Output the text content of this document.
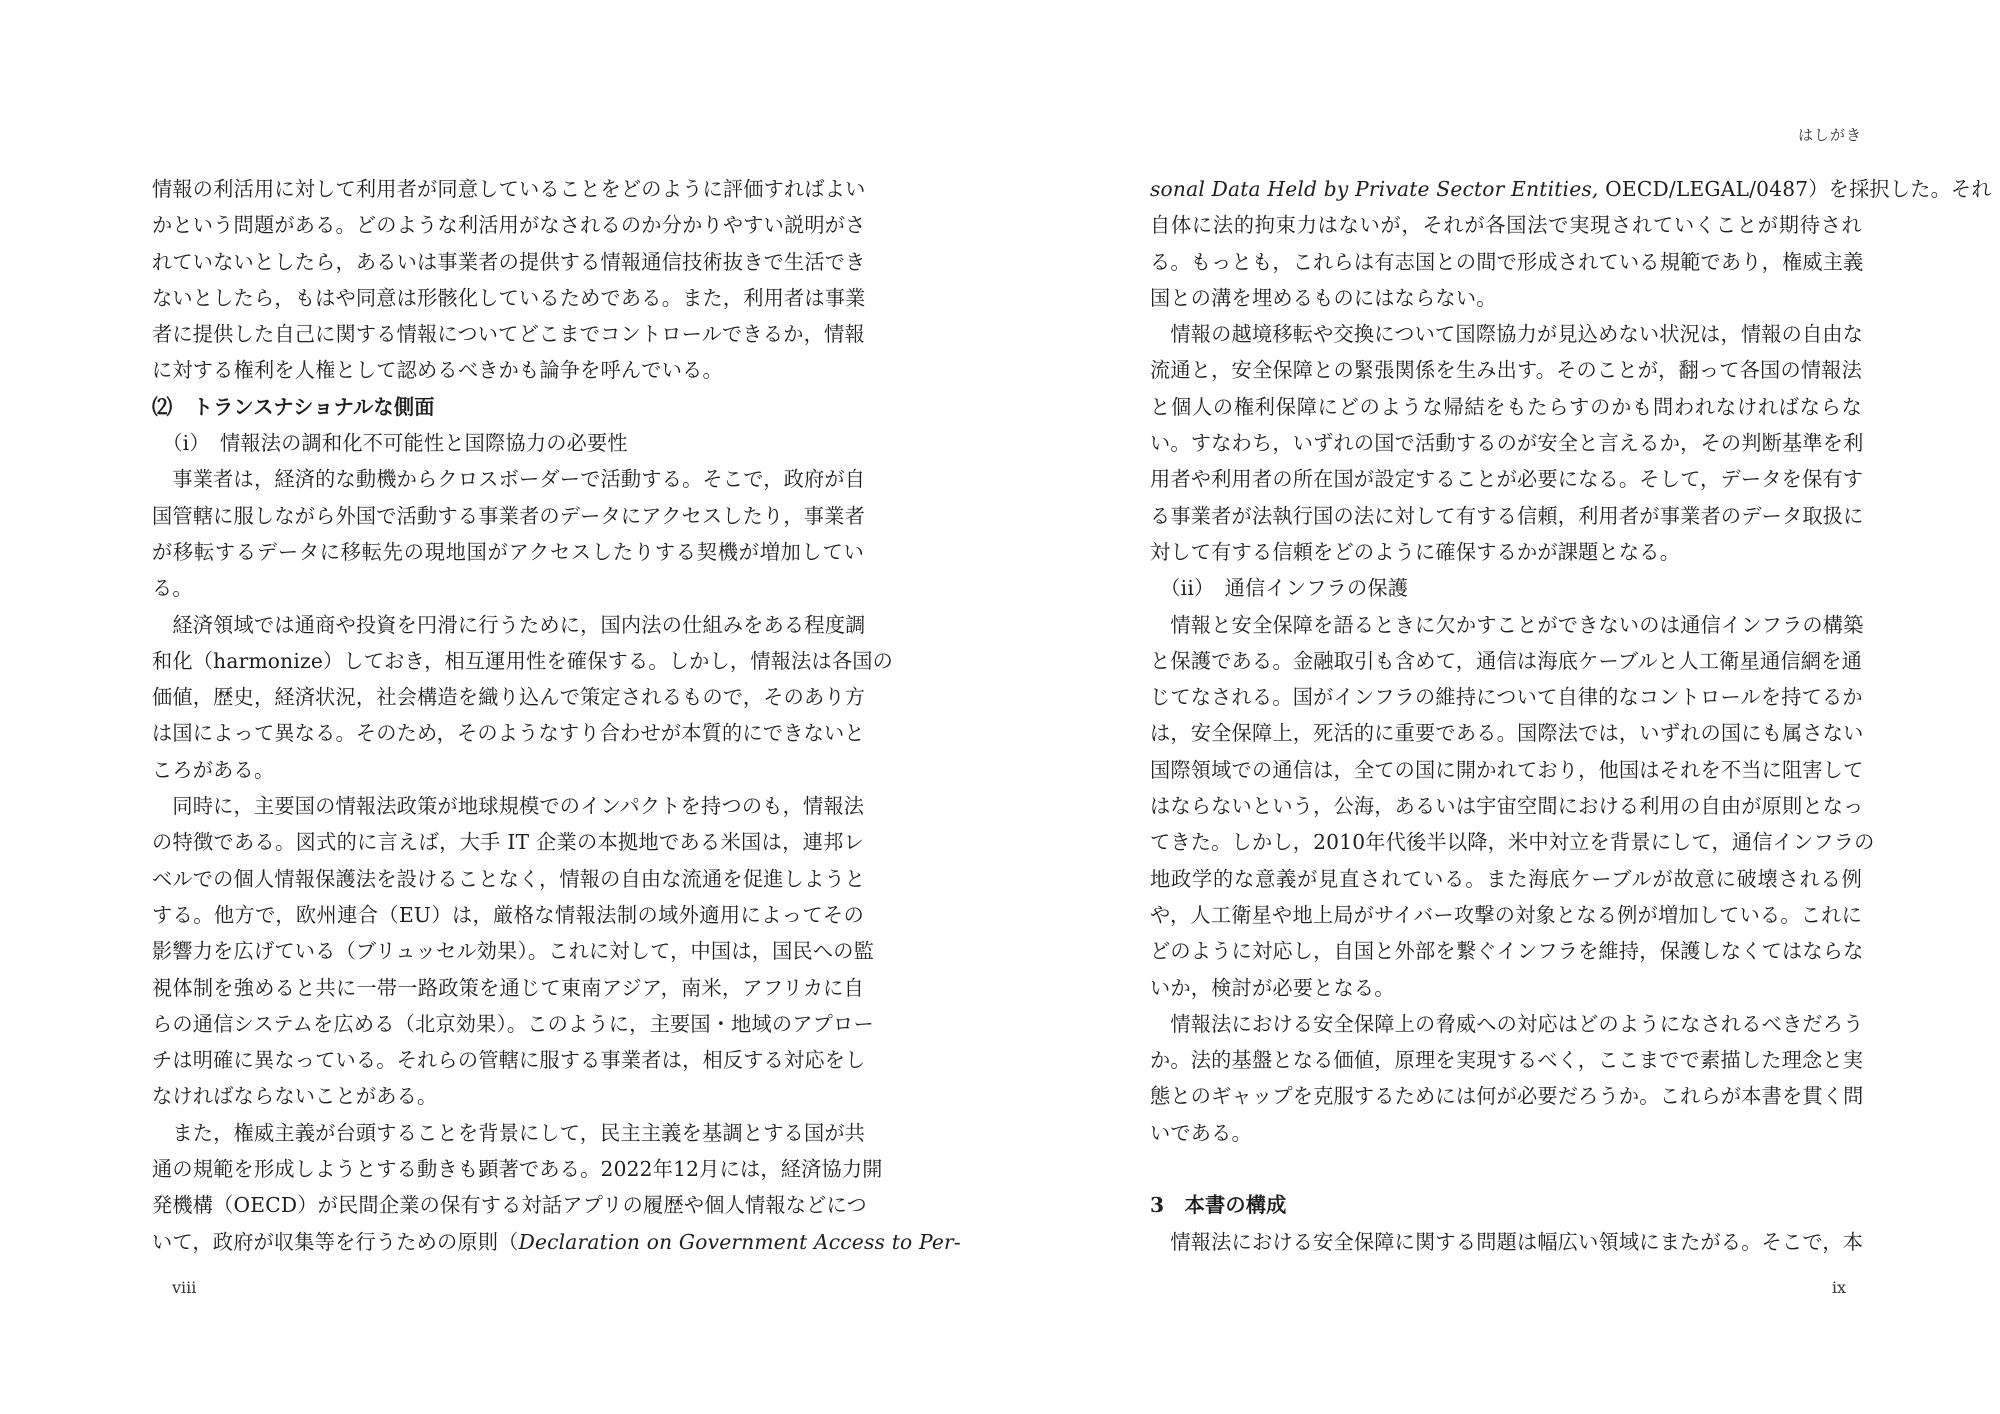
情報の利活用に対して利用者が同意していることをどのように評価すればよい
かという問題がある。どのような利活用がなされるのか分かりやすい説明がさ
れていないとしたら，あるいは事業者の提供する情報通信技術抜きで生活でき
ないとしたら，もはや同意は形骸化しているためである。また，利用者は事業
者に提供した自己に関する情報についてどこまでコントロールできるか，情報
に対する権利を人権として認めるべきかも論争を呼んでいる。
⑵　トランスナショナルな側面
　（i）　情報法の調和化不可能性と国際協力の必要性
　事業者は，経済的な動機からクロスボーダーで活動する。そこで，政府が自
国管轄に服しながら外国で活動する事業者のデータにアクセスしたり，事業者
が移転するデータに移転先の現地国がアクセスしたりする契機が増加してい
る。
　経済領域では通商や投資を円滑に行うために，国内法の仕組みをある程度調
和化（harmonize）しておき，相互運用性を確保する。しかし，情報法は各国の
価値，歴史，経済状況，社会構造を織り込んで策定されるもので，そのあり方
は国によって異なる。そのため，そのようなすり合わせが本質的にできないと
ころがある。
　同時に，主要国の情報法政策が地球規模でのインパクトを持つのも，情報法
の特徴である。図式的に言えば，大手 IT 企業の本拠地である米国は，連邦レ
ベルでの個人情報保護法を設けることなく，情報の自由な流通を促進しようと
する。他方で，欧州連合（EU）は，厳格な情報法制の域外適用によってその
影響力を広げている（ブリュッセル効果）。これに対して，中国は，国民への監
視体制を強めると共に一帯一路政策を通じて東南アジア，南米，アフリカに自
らの通信システムを広める（北京効果）。このように，主要国・地域のアプロー
チは明確に異なっている。それらの管轄に服する事業者は，相反する対応をし
なければならないことがある。
　また，権威主義が台頭することを背景にして，民主主義を基調とする国が共
通の規範を形成しようとする動きも顕著である。2022年12月には，経済協力開
発機構（OECD）が民間企業の保有する対話アプリの履歴や個人情報などにつ
いて，政府が収集等を行うための原則（Declaration on Government Access to Per-
viii
はしがき
sonal Data Held by Private Sector Entities, OECD/LEGAL/0487）を採択した。それ
自体に法的拘束力はないが，それが各国法で実現されていくことが期待され
る。もっとも，これらは有志国との間で形成されている規範であり，権威主義
国との溝を埋めるものにはならない。
　情報の越境移転や交換について国際協力が見込めない状況は，情報の自由な
流通と，安全保障との緊張関係を生み出す。そのことが，翻って各国の情報法
と個人の権利保障にどのような帰結をもたらすのかも問われなければならな
い。すなわち，いずれの国で活動するのが安全と言えるか，その判断基準を利
用者や利用者の所在国が設定することが必要になる。そして，データを保有す
る事業者が法執行国の法に対して有する信頼，利用者が事業者のデータ取扱に
対して有する信頼をどのように確保するかが課題となる。
　（ii）　通信インフラの保護
　情報と安全保障を語るときに欠かすことができないのは通信インフラの構築
と保護である。金融取引も含めて，通信は海底ケーブルと人工衛星通信網を通
じてなされる。国がインフラの維持について自律的なコントロールを持てるか
は，安全保障上，死活的に重要である。国際法では，いずれの国にも属さない
国際領域での通信は，全ての国に開かれており，他国はそれを不当に阻害して
はならないという，公海，あるいは宇宙空間における利用の自由が原則となっ
てきた。しかし，2010年代後半以降，米中対立を背景にして，通信インフラの
地政学的な意義が見直されている。また海底ケーブルが故意に破壊される例
や，人工衛星や地上局がサイバー攻撃の対象となる例が増加している。これに
どのように対応し，自国と外部を繋ぐインフラを維持，保護しなくてはならな
いか，検討が必要となる。
　情報法における安全保障上の脅威への対応はどのようになされるべきだろう
か。法的基盤となる価値，原理を実現するべく，ここまでで素描した理念と実
態とのギャップを克服するためには何が必要だろうか。これらが本書を貫く問
いである。
3　本書の構成
　情報法における安全保障に関する問題は幅広い領域にまたがる。そこで，本
ix
